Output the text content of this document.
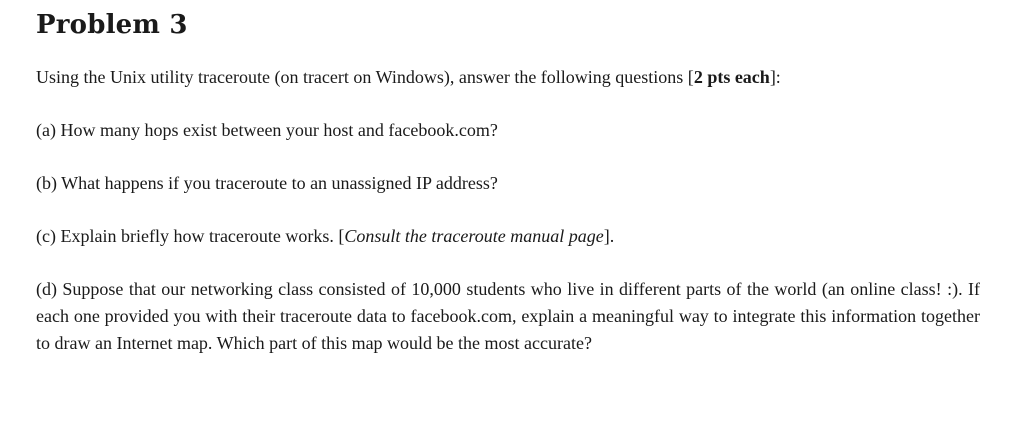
Problem 3

Using the Unix utility traceroute (on tracert on Windows), answer the following questions [2 pts each]:

(a) How many hops exist between your host and facebook.com?

(b) What happens if you traceroute to an unassigned IP address?

(c) Explain briefly how traceroute works. [Consult the traceroute manual page].

(d) Suppose that our networking class consisted of 10,000 students who live in different parts of the world (an online class! :). If each one provided you with their traceroute data to facebook.com, explain a meaningful way to integrate this information together to draw an Internet map. Which part of this map would be the most accurate?
